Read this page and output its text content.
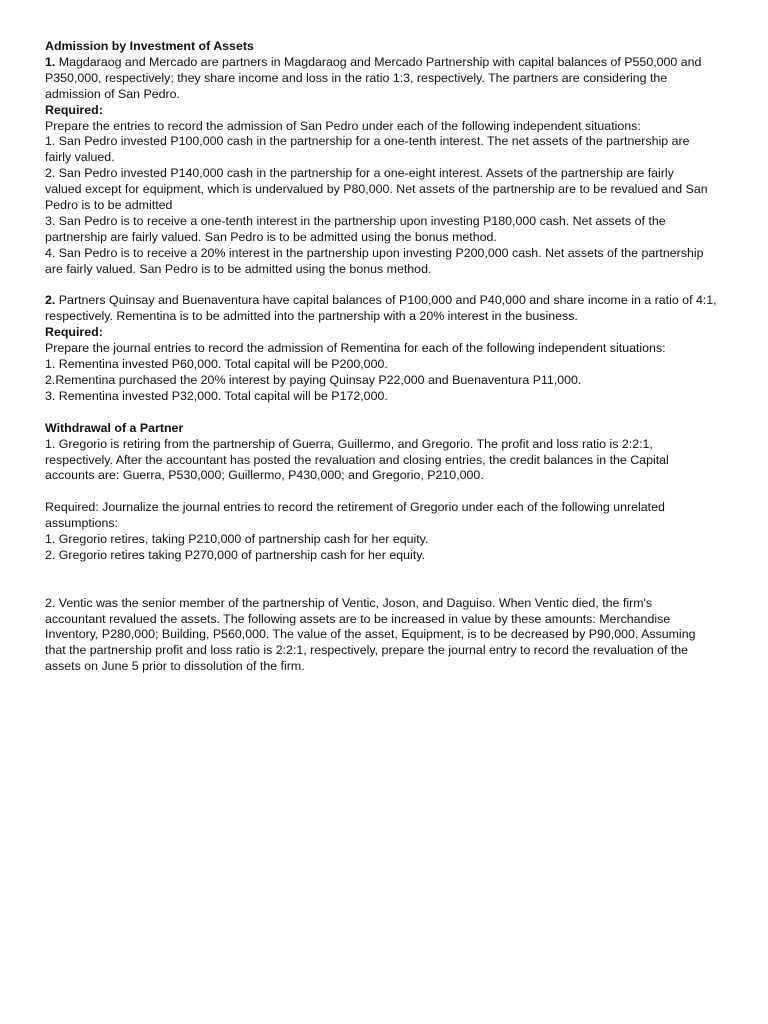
Admission by Investment of Assets
1. Magdaraog and Mercado are partners in Magdaraog and Mercado Partnership with capital balances of P550,000 and
P350,000, respectively; they share income and loss in the ratio 1:3, respectively. The partners are considering the
admission of San Pedro.
Required:
Prepare the entries to record the admission of San Pedro under each of the following independent situations:
1. San Pedro invested P100,000 cash in the partnership for a one-tenth interest. The net assets of the partnership are
fairly valued.
2. San Pedro invested P140,000 cash in the partnership for a one-eight interest. Assets of the partnership are fairly
valued except for equipment, which is undervalued by P80,000. Net assets of the partnership are to be revalued and San
Pedro is to be admitted
3. San Pedro is to receive a one-tenth interest in the partnership upon investing P180,000 cash. Net assets of the
partnership are fairly valued. San Pedro is to be admitted using the bonus method.
4. San Pedro is to receive a 20% interest in the partnership upon investing P200,000 cash. Net assets of the partnership
are fairly valued. San Pedro is to be admitted using the bonus method.
2. Partners Quinsay and Buenaventura have capital balances of P100,000 and P40,000 and share income in a ratio of 4:1,
respectively. Rementina is to be admitted into the partnership with a 20% interest in the business.
Required:
Prepare the journal entries to record the admission of Rementina for each of the following independent situations:
1. Rementina invested P60,000. Total capital will be P200,000.
2.Rementina purchased the 20% interest by paying Quinsay P22,000 and Buenaventura P11,000.
3. Rementina invested P32,000. Total capital will be P172,000.
Withdrawal of a Partner
1. Gregorio is retiring from the partnership of Guerra, Guillermo, and Gregorio. The profit and loss ratio is 2:2:1,
respectively. After the accountant has posted the revaluation and closing entries, the credit balances in the Capital
accounts are: Guerra, P530,000; Guillermo, P430,000; and Gregorio, P210,000.
Required: Journalize the journal entries to record the retirement of Gregorio under each of the following unrelated
assumptions:
1. Gregorio retires, taking P210,000 of partnership cash for her equity.
2. Gregorio retires taking P270,000 of partnership cash for her equity.
2. Ventic was the senior member of the partnership of Ventic, Joson, and Daguiso. When Ventic died, the firm's
accountant revalued the assets. The following assets are to be increased in value by these amounts: Merchandise
Inventory, P280,000; Building, P560,000. The value of the asset, Equipment, is to be decreased by P90,000. Assuming
that the partnership profit and loss ratio is 2:2:1, respectively, prepare the journal entry to record the revaluation of the
assets on June 5 prior to dissolution of the firm.
